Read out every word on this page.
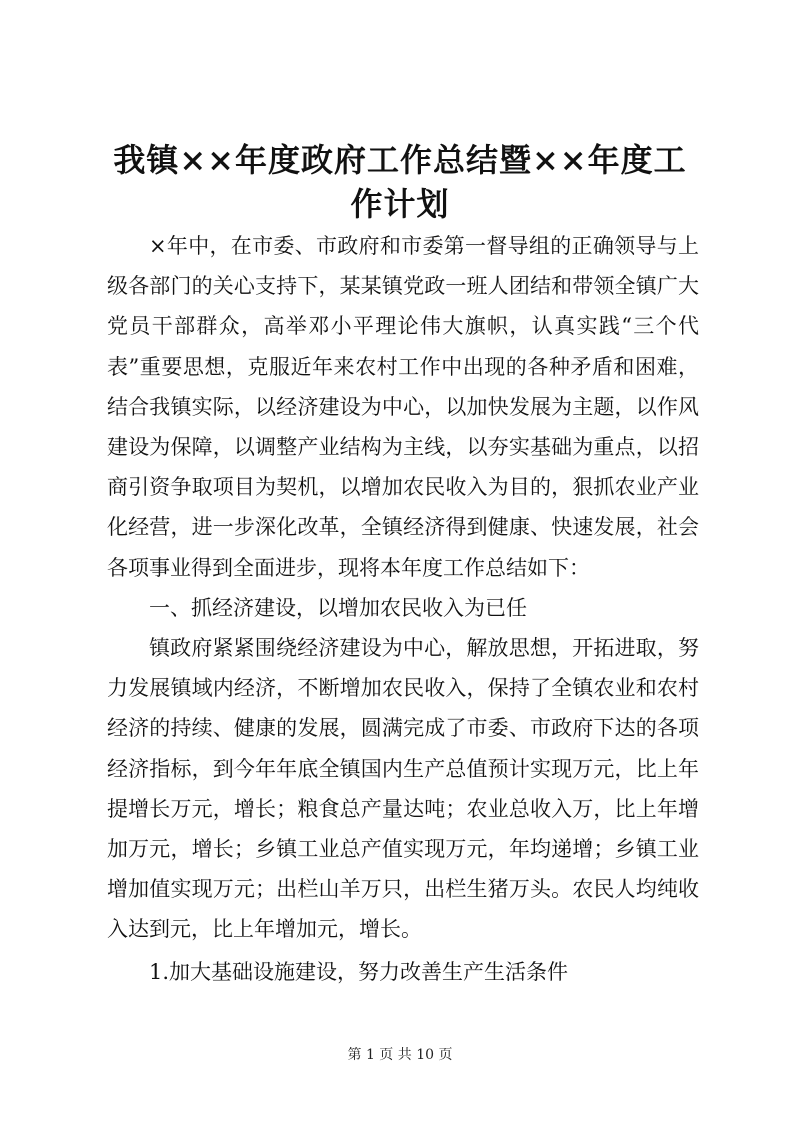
我镇××年度政府工作总结暨××年度工作计划

×年中，在市委、市政府和市委第一督导组的正确领导与上级各部门的关心支持下，某某镇党政一班人团结和带领全镇广大党员干部群众，高举邓小平理论伟大旗帜，认真实践“三个代表”重要思想，克服近年来农村工作中出现的各种矛盾和困难，结合我镇实际，以经济建设为中心，以加快发展为主题，以作风建设为保障，以调整产业结构为主线，以夯实基础为重点，以招商引资争取项目为契机，以增加农民收入为目的，狠抓农业产业化经营，进一步深化改革，全镇经济得到健康、快速发展，社会各项事业得到全面进步，现将本年度工作总结如下：

一、抓经济建设，以增加农民收入为已任

镇政府紧紧围绕经济建设为中心，解放思想，开拓进取，努力发展镇域内经济，不断增加农民收入，保持了全镇农业和农村经济的持续、健康的发展，圆满完成了市委、市政府下达的各项经济指标，到今年年底全镇国内生产总值预计实现万元，比上年提增长万元，增长；粮食总产量达吨；农业总收入万，比上年增加万元，增长；乡镇工业总产值实现万元，年均递增；乡镇工业增加值实现万元；出栏山羊万只，出栏生猪万头。农民人均纯收入达到元，比上年增加元，增长。

1.加大基础设施建设，努力改善生产生活条件
第 1 页 共 10 页
